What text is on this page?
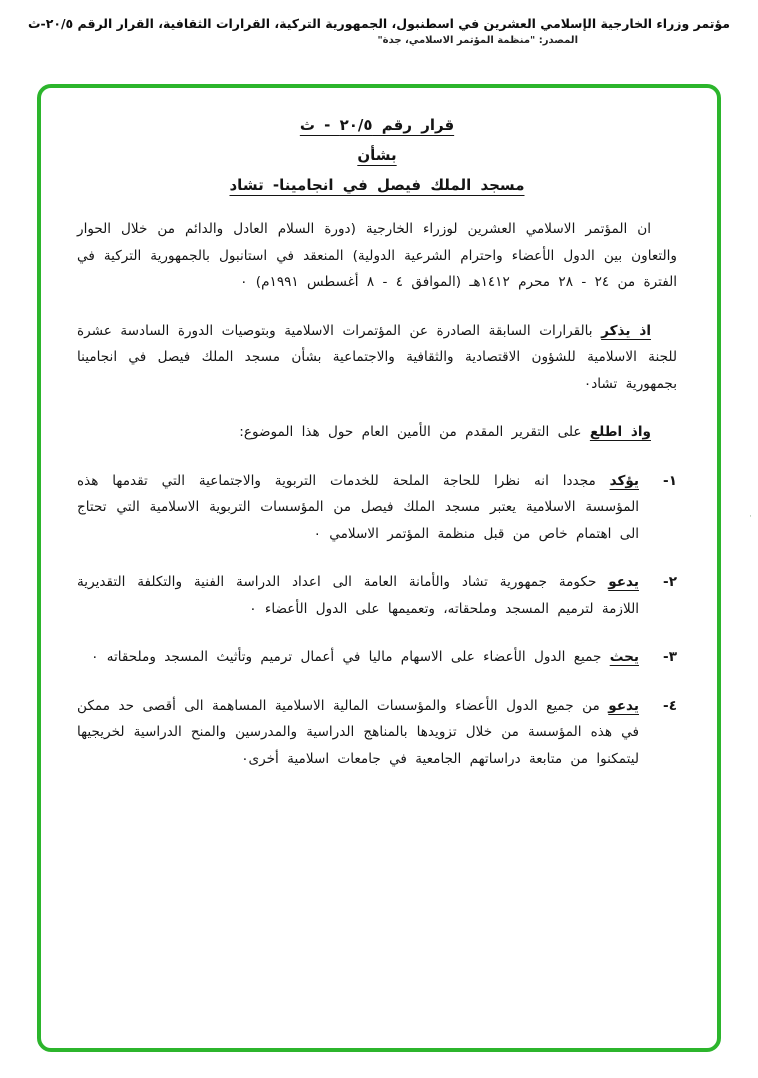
مؤتمر وزراء الخارجية الإسلامي العشرين في اسطنبول، الجمهورية التركية، القرارات الثقافية، القرار الرقم ٢٠/٥-ث
المصدر: "منظمة المؤتمر الاسلامي، جدة"
قرار رقم ٢٠/٥ - ث
بشأن
مسجد الملك فيصل في انجامينا- تشاد

ان المؤتمر الاسلامي العشرين لوزراء الخارجية (دورة السلام العادل والدائم من خلال الحوار والتعاون بين الدول الأعضاء واحترام الشرعية الدولية) المنعقد في استانبول بالجمهورية التركية في الفترة من ٢٤ - ٢٨ محرم ١٤١٢هـ (الموافق ٤ - ٨ أغسطس ١٩٩١م) ٠

اذ يذكر بالقرارات السابقة الصادرة عن المؤتمرات الاسلامية وبتوصيات الدورة السادسة عشرة للجنة الاسلامية للشؤون الاقتصادية والثقافية والاجتماعية بشأن مسجد الملك فيصل في انجامينا بجمهورية تشاد٠

واذ اطلع على التقرير المقدم من الأمين العام حول هذا الموضوع:

١-
يؤكد مجددا انه نظرا للحاجة الملحة للخدمات التربوية والاجتماعية التي تقدمها هذه المؤسسة الاسلامية يعتبر مسجد الملك فيصل من المؤسسات التربوية الاسلامية التي تحتاج الى اهتمام خاص من قبل منظمة المؤتمر الاسلامي ٠
٢-
يدعو حكومة جمهورية تشاد والأمانة العامة الى اعداد الدراسة الفنية والتكلفة التقديرية اللازمة لترميم المسجد وملحقاته، وتعميمها على الدول الأعضاء ٠
٣-
يحث جميع الدول الأعضاء على الاسهام ماليا في أعمال ترميم وتأثيث المسجد وملحقاته ٠
٤-
يدعو من جميع الدول الأعضاء والمؤسسات المالية الاسلامية المساهمة الى أقصى حد ممكن في هذه المؤسسة من خلال تزويدها بالمناهج الدراسية والمدرسين والمنح الدراسية لخريجيها ليتمكنوا من متابعة دراساتهم الجامعية في جامعات اسلامية أخرى٠
·
